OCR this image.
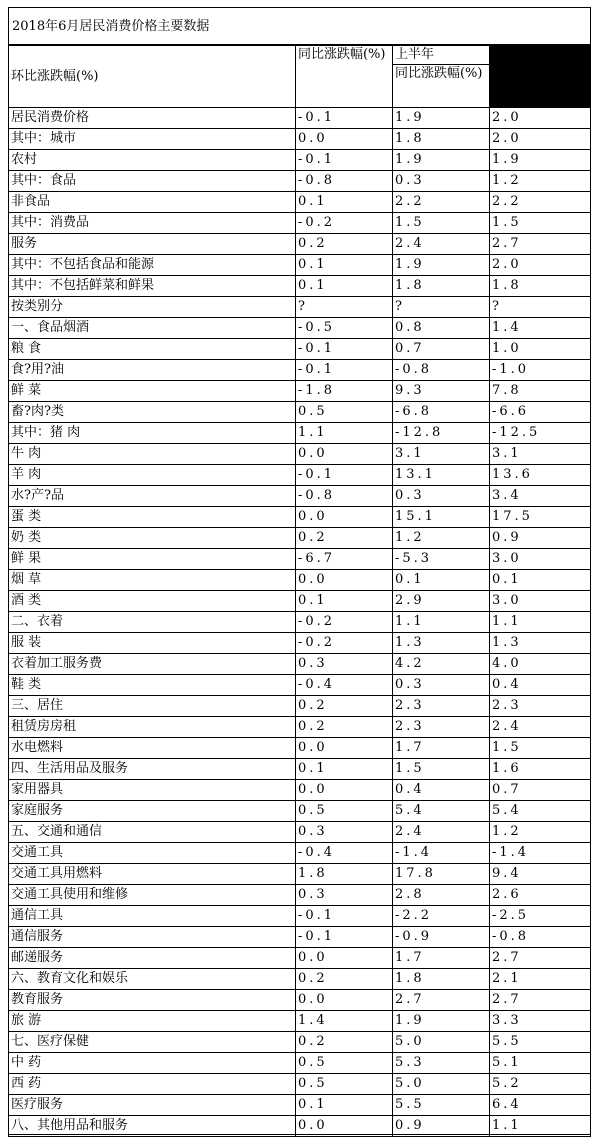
2018年6月居民消费价格主要数据
环比涨跌幅(%)	同比涨跌幅(%)	上半年	
		同比涨跌幅(%)	
居民消费价格	-0.1	1.9	2.0
其中：城市	0.0	1.8	2.0
农村	-0.1	1.9	1.9
其中：食品	-0.8	0.3	1.2
非食品	0.1	2.2	2.2
其中：消费品	-0.2	1.5	1.5
服务	0.2	2.4	2.7
其中：不包括食品和能源	0.1	1.9	2.0
其中：不包括鲜菜和鲜果	0.1	1.8	1.8
按类别分	?	?	?
一、食品烟酒	-0.5	0.8	1.4
粮 食	-0.1	0.7	1.0
食?用?油	-0.1	-0.8	-1.0
鲜 菜	-1.8	9.3	7.8
畜?肉?类	0.5	-6.8	-6.6
其中：猪 肉	1.1	-12.8	-12.5
牛 肉	0.0	3.1	3.1
羊 肉	-0.1	13.1	13.6
水?产?品	-0.8	0.3	3.4
蛋 类	0.0	15.1	17.5
奶 类	0.2	1.2	0.9
鲜 果	-6.7	-5.3	3.0
烟 草	0.0	0.1	0.1
酒 类	0.1	2.9	3.0
二、衣着	-0.2	1.1	1.1
服 装	-0.2	1.3	1.3
衣着加工服务费	0.3	4.2	4.0
鞋 类	-0.4	0.3	0.4
三、居住	0.2	2.3	2.3
租赁房房租	0.2	2.3	2.4
水电燃料	0.0	1.7	1.5
四、生活用品及服务	0.1	1.5	1.6
家用器具	0.0	0.4	0.7
家庭服务	0.5	5.4	5.4
五、交通和通信	0.3	2.4	1.2
交通工具	-0.4	-1.4	-1.4
交通工具用燃料	1.8	17.8	9.4
交通工具使用和维修	0.3	2.8	2.6
通信工具	-0.1	-2.2	-2.5
通信服务	-0.1	-0.9	-0.8
邮递服务	0.0	1.7	2.7
六、教育文化和娱乐	0.2	1.8	2.1
教育服务	0.0	2.7	2.7
旅 游	1.4	1.9	3.3
七、医疗保健	0.2	5.0	5.5
中 药	0.5	5.3	5.1
西 药	0.5	5.0	5.2
医疗服务	0.1	5.5	6.4
八、其他用品和服务	0.0	0.9	1.1
